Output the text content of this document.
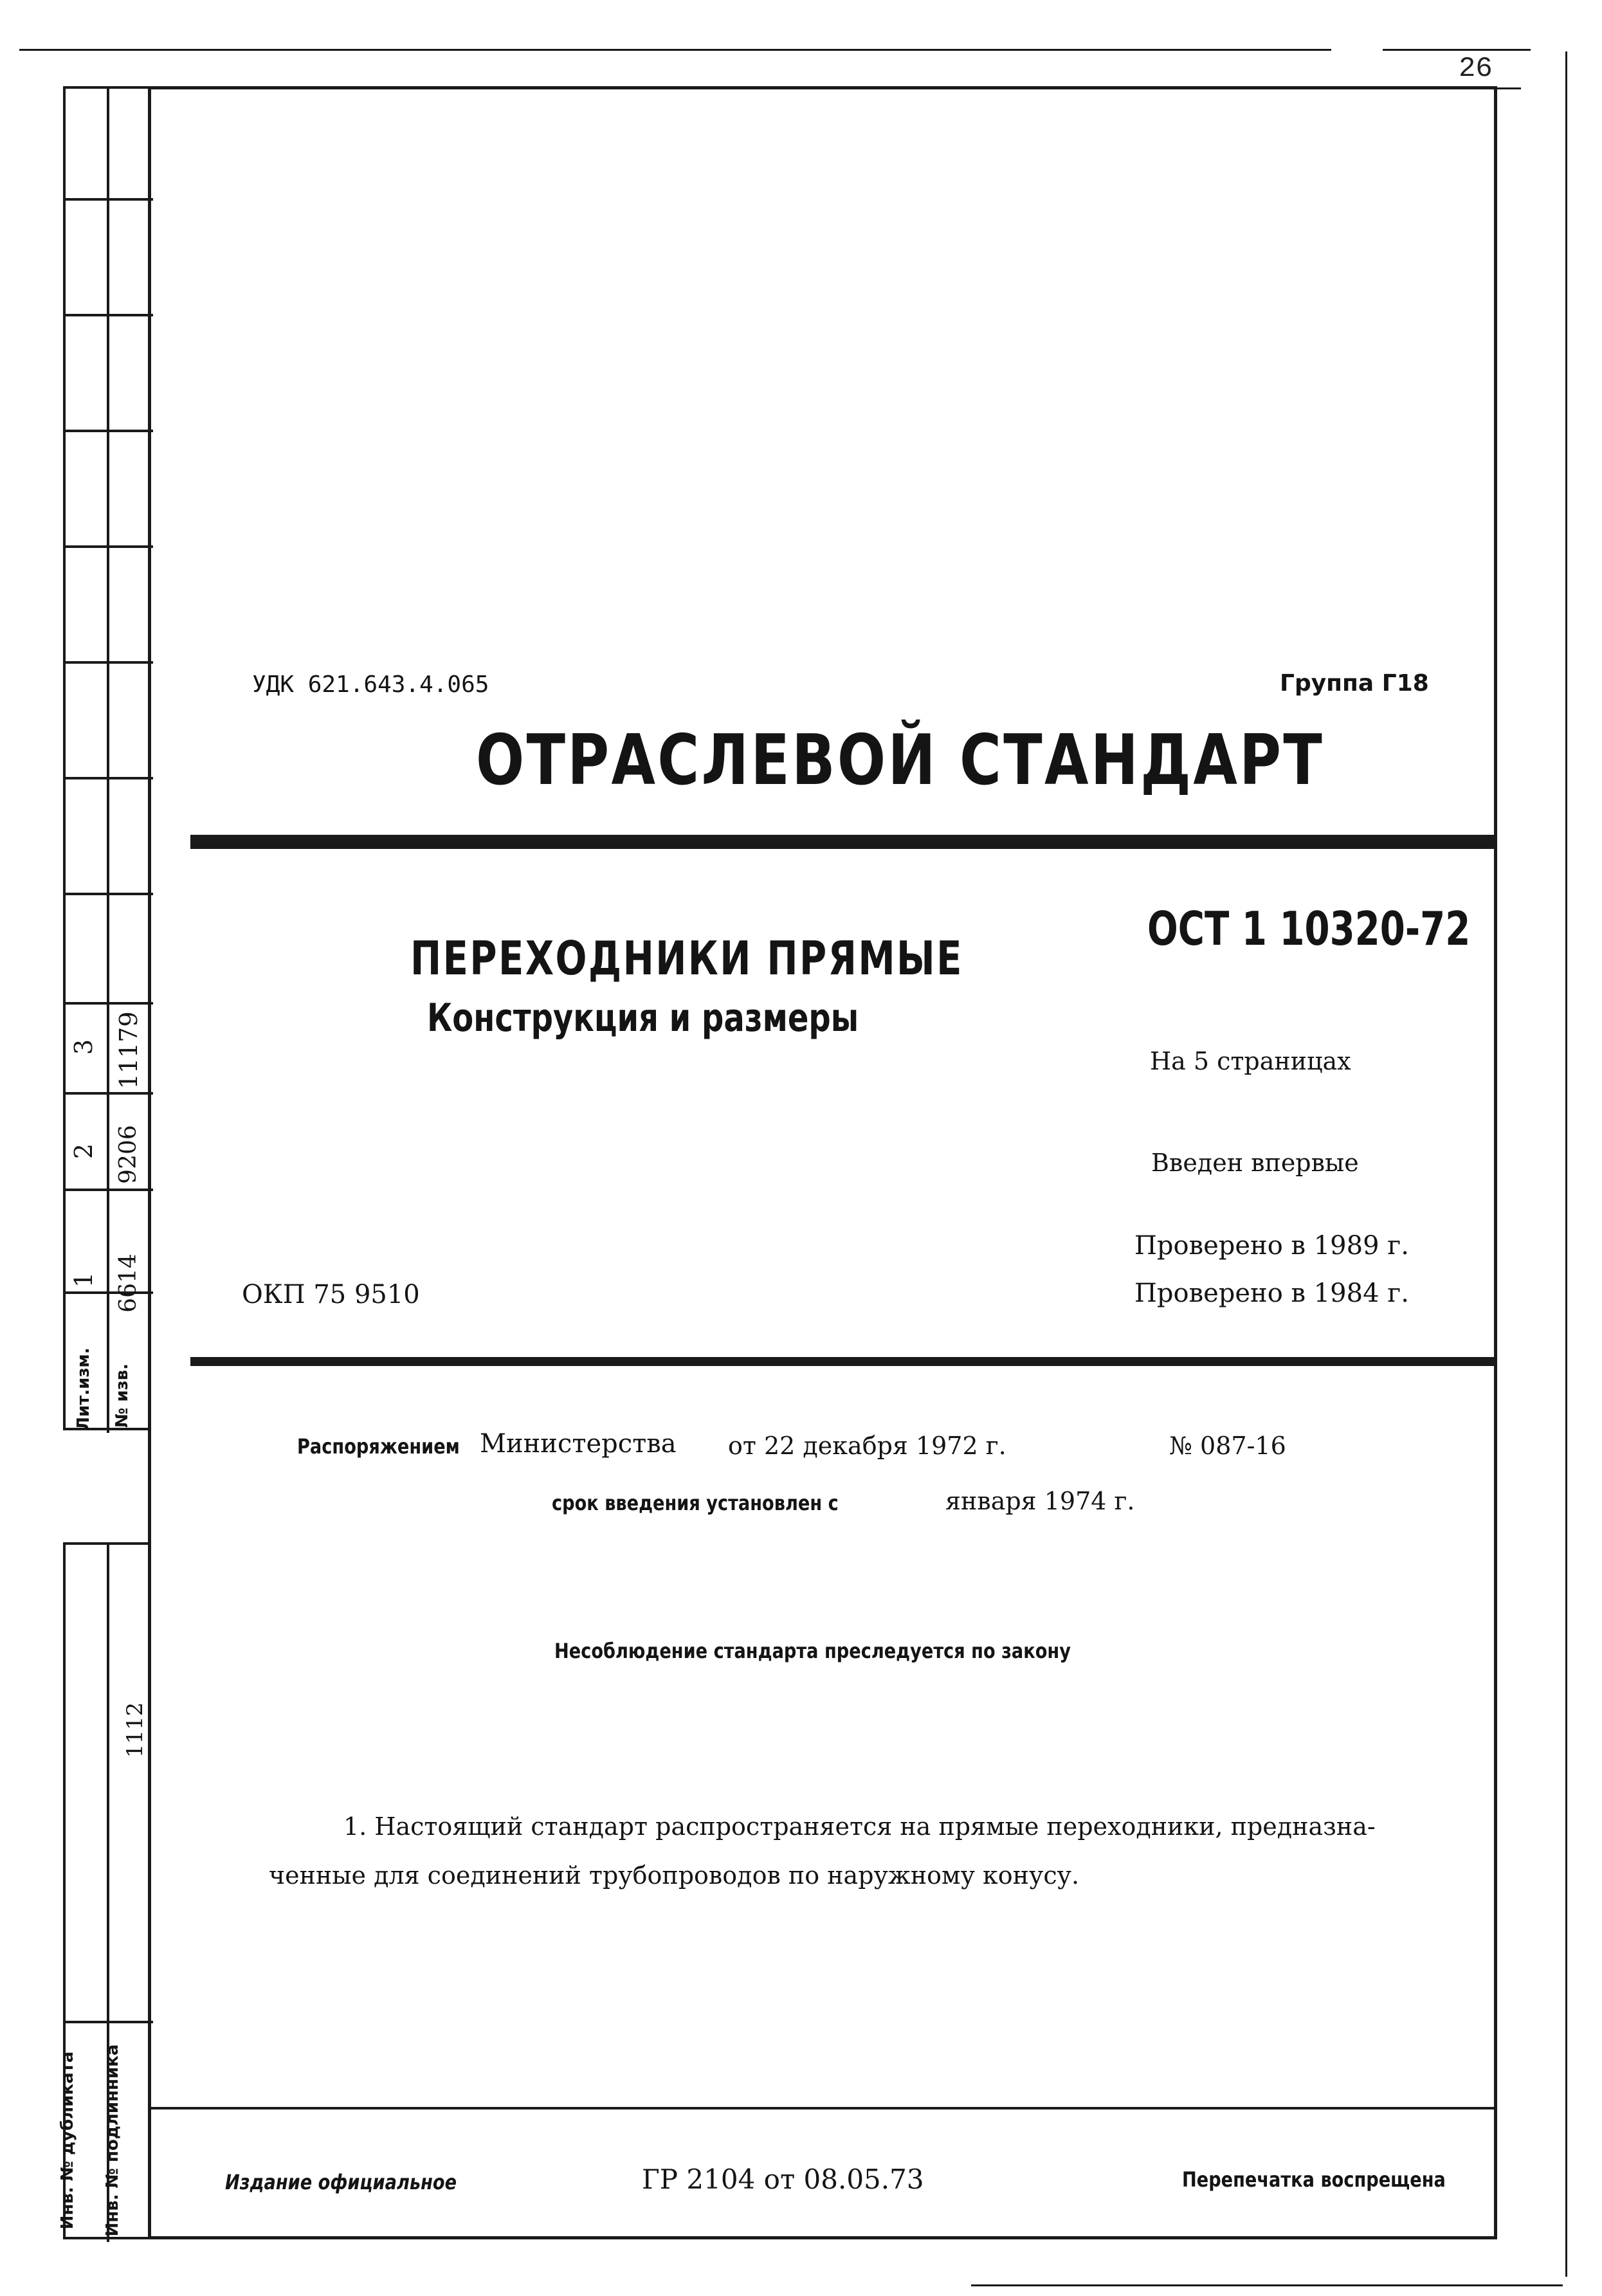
26
3 11179
2 9206
1 6614
Лит.изм.	№ изв.
1112
Инв. № дубликата	Инв. № подлинника
УДК 621.643.4.065	Группа Г18
ОТРАСЛЕВОЙ СТАНДАРТ
ПЕРЕХОДНИКИ ПРЯМЫЕ
Конструкция и размеры
ОСТ 1 10320-72
На 5 страницах
Введен впервые
Проверено в 1989 г.
Проверено в 1984 г.
ОКП 75 9510
Распоряжением Министерства от 22 декабря 1972 г.	№ 087-16
срок введения установлен с	января 1974 г.
Несоблюдение стандарта преследуется по закону
1. Настоящий стандарт распространяется на прямые переходники, предназна-
ченные для соединений трубопроводов по наружному конусу.
Издание официальное	ГР 2104 от 08.05.73	Перепечатка воспрещена
